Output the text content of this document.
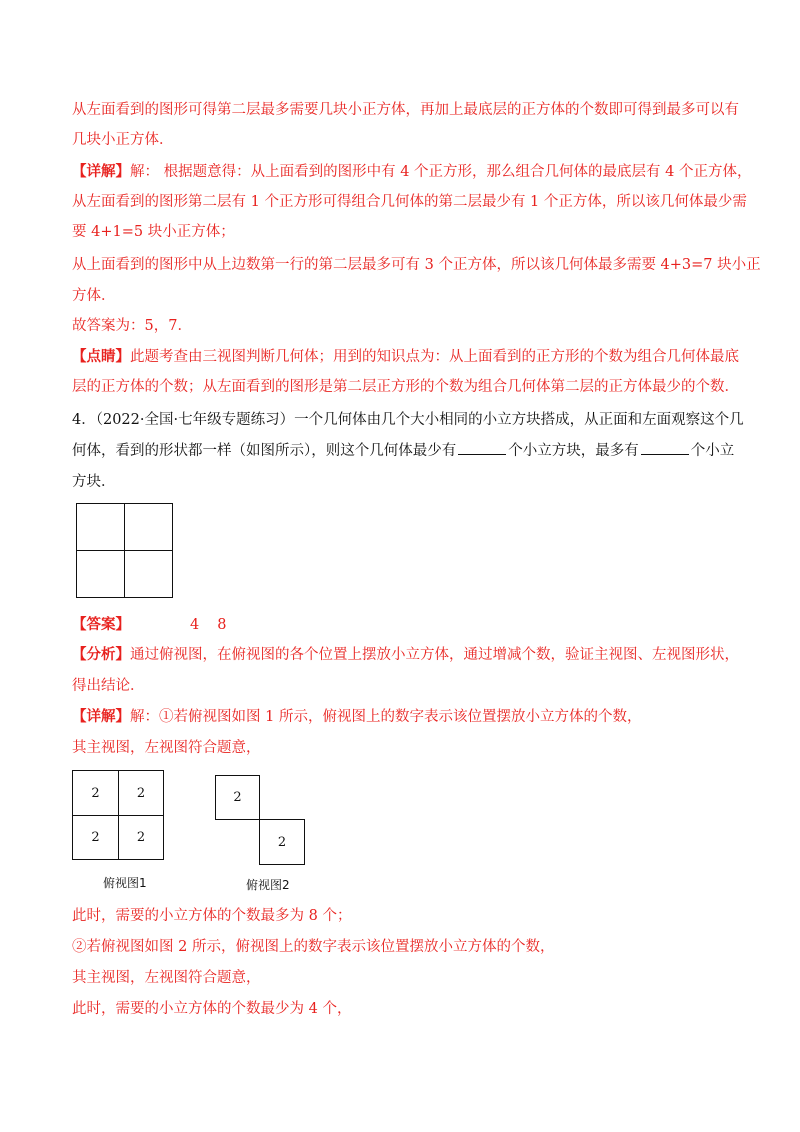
从左面看到的图形可得第二层最多需要几块小正方体，再加上最底层的正方体的个数即可得到最多可以有
几块小正方体．
【详解】解： 根据题意得：从上面看到的图形中有 4 个正方形，那么组合几何体的最底层有 4 个正方体，
从左面看到的图形第二层有 1 个正方形可得组合几何体的第二层最少有 1 个正方体，所以该几何体最少需
要 4+1=5 块小正方体；
从上面看到的图形中从上边数第一行的第二层最多可有 3 个正方体，所以该几何体最多需要 4+3=7 块小正
方体．
故答案为：5，7．
【点睛】此题考查由三视图判断几何体；用到的知识点为：从上面看到的正方形的个数为组合几何体最底
层的正方体的个数；从左面看到的图形是第二层正方形的个数为组合几何体第二层的正方体最少的个数．
4．（2022·全国·七年级专题练习）一个几何体由几个大小相同的小立方块搭成，从正面和左面观察这个几
何体，看到的形状都一样（如图所示），则这个几何体最少有	个小立方块，最多有	个小立
方块．
【答案】	4 8
【分析】通过俯视图，在俯视图的各个位置上摆放小立方体，通过增减个数，验证主视图、左视图形状，
得出结论．
【详解】解：①若俯视图如图 1 所示，俯视图上的数字表示该位置摆放小立方体的个数，
其主视图，左视图符合题意，
2	2
2	2
俯视图1
2
2
俯视图2
此时，需要的小立方体的个数最多为 8 个；
②若俯视图如图 2 所示，俯视图上的数字表示该位置摆放小立方体的个数，
其主视图，左视图符合题意，
此时，需要的小立方体的个数最少为 4 个，
